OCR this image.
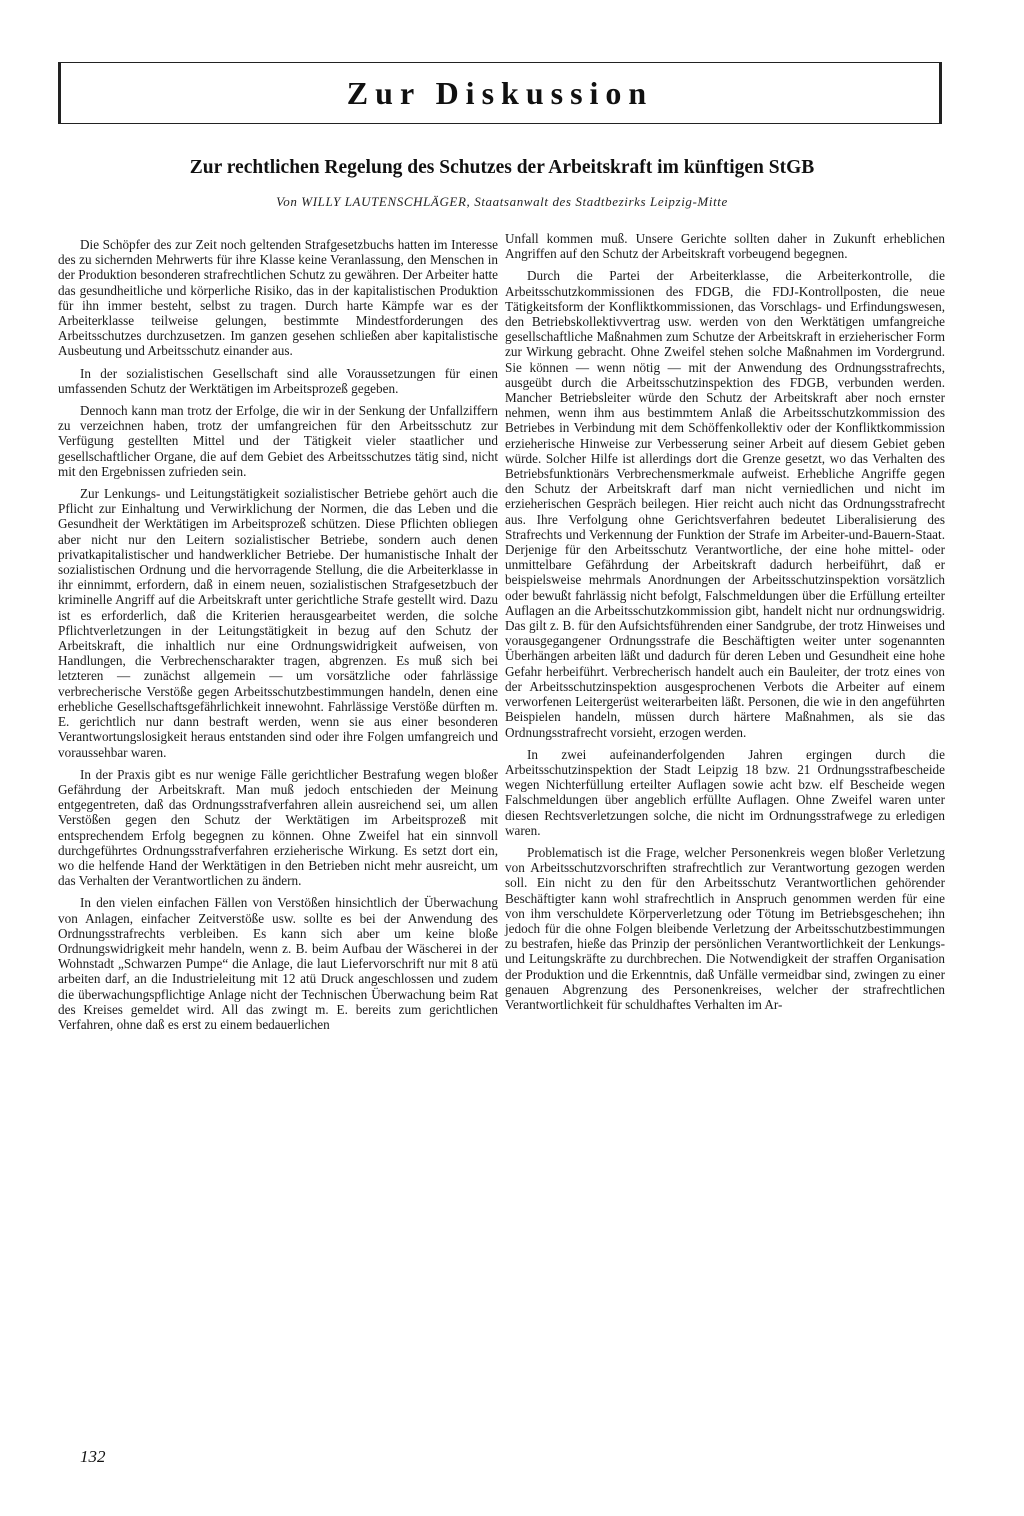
Zur Diskussion
Zur rechtlichen Regelung des Schutzes der Arbeitskraft im künftigen StGB
Von WILLY LAUTENSCHLÄGER, Staatsanwalt des Stadtbezirks Leipzig-Mitte

Die Schöpfer des zur Zeit noch geltenden Strafgesetzbuchs hatten im Interesse des zu sichernden Mehrwerts für ihre Klasse keine Veranlassung, den Menschen in der Produktion besonderen strafrechtlichen Schutz zu gewähren. Der Arbeiter hatte das gesundheitliche und körperliche Risiko, das in der kapitalistischen Produktion für ihn immer besteht, selbst zu tragen. Durch harte Kämpfe war es der Arbeiterklasse teilweise gelungen, bestimmte Mindestforderungen des Arbeitsschutzes durchzusetzen. Im ganzen gesehen schließen aber kapitalistische Ausbeutung und Arbeitsschutz einander aus.

In der sozialistischen Gesellschaft sind alle Voraussetzungen für einen umfassenden Schutz der Werktätigen im Arbeitsprozeß gegeben.

Dennoch kann man trotz der Erfolge, die wir in der Senkung der Unfallziffern zu verzeichnen haben, trotz der umfangreichen für den Arbeitsschutz zur Verfügung gestellten Mittel und der Tätigkeit vieler staatlicher und gesellschaftlicher Organe, die auf dem Gebiet des Arbeitsschutzes tätig sind, nicht mit den Ergebnissen zufrieden sein.

Zur Lenkungs- und Leitungstätigkeit sozialistischer Betriebe gehört auch die Pflicht zur Einhaltung und Verwirklichung der Normen, die das Leben und die Gesundheit der Werktätigen im Arbeitsprozeß schützen. Diese Pflichten obliegen aber nicht nur den Leitern sozialistischer Betriebe, sondern auch denen privatkapitalistischer und handwerklicher Betriebe. Der humanistische Inhalt der sozialistischen Ordnung und die hervorragende Stellung, die die Arbeiterklasse in ihr einnimmt, erfordern, daß in einem neuen, sozialistischen Strafgesetzbuch der kriminelle Angriff auf die Arbeitskraft unter gerichtliche Strafe gestellt wird. Dazu ist es erforderlich, daß die Kriterien herausgearbeitet werden, die solche Pflichtverletzungen in der Leitungstätigkeit in bezug auf den Schutz der Arbeitskraft, die inhaltlich nur eine Ordnungswidrigkeit aufweisen, von Handlungen, die Verbrechenscharakter tragen, abgrenzen. Es muß sich bei letzteren — zunächst allgemein — um vorsätzliche oder fahrlässige verbrecherische Verstöße gegen Arbeitsschutzbestimmungen handeln, denen eine erhebliche Gesellschaftsgefährlichkeit innewohnt. Fahrlässige Verstöße dürften m. E. gerichtlich nur dann bestraft werden, wenn sie aus einer besonderen Verantwortungslosigkeit heraus entstanden sind oder ihre Folgen umfangreich und voraussehbar waren.

In der Praxis gibt es nur wenige Fälle gerichtlicher Bestrafung wegen bloßer Gefährdung der Arbeitskraft. Man muß jedoch entschieden der Meinung entgegentreten, daß das Ordnungsstrafverfahren allein ausreichend sei, um allen Verstößen gegen den Schutz der Werktätigen im Arbeitsprozeß mit entsprechendem Erfolg begegnen zu können. Ohne Zweifel hat ein sinnvoll durchgeführtes Ordnungsstrafverfahren erzieherische Wirkung. Es setzt dort ein, wo die helfende Hand der Werktätigen in den Betrieben nicht mehr ausreicht, um das Verhalten der Verantwortlichen zu ändern.

In den vielen einfachen Fällen von Verstößen hinsichtlich der Überwachung von Anlagen, einfacher Zeitverstöße usw. sollte es bei der Anwendung des Ordnungsstrafrechts verbleiben. Es kann sich aber um keine bloße Ordnungswidrigkeit mehr handeln, wenn z. B. beim Aufbau der Wäscherei in der Wohnstadt „Schwarzen Pumpe“ die Anlage, die laut Liefervorschrift nur mit 8 atü arbeiten darf, an die Industrieleitung mit 12 atü Druck angeschlossen und zudem die überwachungspflichtige Anlage nicht der Technischen Überwachung beim Rat des Kreises gemeldet wird. All das zwingt m. E. bereits zum gerichtlichen Verfahren, ohne daß es erst zu einem bedauerlichen

Unfall kommen muß. Unsere Gerichte sollten daher in Zukunft erheblichen Angriffen auf den Schutz der Arbeitskraft vorbeugend begegnen.

Durch die Partei der Arbeiterklasse, die Arbeiterkontrolle, die Arbeitsschutzkommissionen des FDGB, die FDJ-Kontrollposten, die neue Tätigkeitsform der Konfliktkommissionen, das Vorschlags- und Erfindungswesen, den Betriebskollektivvertrag usw. werden von den Werktätigen umfangreiche gesellschaftliche Maßnahmen zum Schutze der Arbeitskraft in erzieherischer Form zur Wirkung gebracht. Ohne Zweifel stehen solche Maßnahmen im Vordergrund. Sie können — wenn nötig — mit der Anwendung des Ordnungsstrafrechts, ausgeübt durch die Arbeitsschutzinspektion des FDGB, verbunden werden. Mancher Betriebsleiter würde den Schutz der Arbeitskraft aber noch ernster nehmen, wenn ihm aus bestimmtem Anlaß die Arbeitsschutzkommission des Betriebes in Verbindung mit dem Schöffenkollektiv oder der Konfliktkommission erzieherische Hinweise zur Verbesserung seiner Arbeit auf diesem Gebiet geben würde. Solcher Hilfe ist allerdings dort die Grenze gesetzt, wo das Verhalten des Betriebsfunktionärs Verbrechensmerkmale aufweist. Erhebliche Angriffe gegen den Schutz der Arbeitskraft darf man nicht verniedlichen und nicht im erzieherischen Gespräch beilegen. Hier reicht auch nicht das Ordnungsstrafrecht aus. Ihre Verfolgung ohne Gerichtsverfahren bedeutet Liberalisierung des Strafrechts und Verkennung der Funktion der Strafe im Arbeiter-und-Bauern-Staat. Derjenige für den Arbeitsschutz Verantwortliche, der eine hohe mittel- oder unmittelbare Gefährdung der Arbeitskraft dadurch herbeiführt, daß er beispielsweise mehrmals Anordnungen der Arbeitsschutzinspektion vorsätzlich oder bewußt fahrlässig nicht befolgt, Falschmeldungen über die Erfüllung erteilter Auflagen an die Arbeitsschutzkommission gibt, handelt nicht nur ordnungswidrig. Das gilt z. B. für den Aufsichtsführenden einer Sandgrube, der trotz Hinweises und vorausgegangener Ordnungsstrafe die Beschäftigten weiter unter sogenannten Überhängen arbeiten läßt und dadurch für deren Leben und Gesundheit eine hohe Gefahr herbeiführt. Verbrecherisch handelt auch ein Bauleiter, der trotz eines von der Arbeitsschutzinspektion ausgesprochenen Verbots die Arbeiter auf einem verworfenen Leitergerüst weiterarbeiten läßt. Personen, die wie in den angeführten Beispielen handeln, müssen durch härtere Maßnahmen, als sie das Ordnungsstrafrecht vorsieht, erzogen werden.

In zwei aufeinanderfolgenden Jahren ergingen durch die Arbeitsschutzinspektion der Stadt Leipzig 18 bzw. 21 Ordnungsstrafbescheide wegen Nichterfüllung erteilter Auflagen sowie acht bzw. elf Bescheide wegen Falschmeldungen über angeblich erfüllte Auflagen. Ohne Zweifel waren unter diesen Rechtsverletzungen solche, die nicht im Ordnungsstrafwege zu erledigen waren.

Problematisch ist die Frage, welcher Personenkreis wegen bloßer Verletzung von Arbeitsschutzvorschriften strafrechtlich zur Verantwortung gezogen werden soll. Ein nicht zu den für den Arbeitsschutz Verantwortlichen gehörender Beschäftigter kann wohl strafrechtlich in Anspruch genommen werden für eine von ihm verschuldete Körperverletzung oder Tötung im Betriebsgeschehen; ihn jedoch für die ohne Folgen bleibende Verletzung der Arbeitsschutzbestimmungen zu bestrafen, hieße das Prinzip der persönlichen Verantwortlichkeit der Lenkungs- und Leitungskräfte zu durchbrechen. Die Notwendigkeit der straffen Organisation der Produktion und die Erkenntnis, daß Unfälle vermeidbar sind, zwingen zu einer genauen Abgrenzung des Personenkreises, welcher der strafrechtlichen Verantwortlichkeit für schuldhaftes Verhalten im Ar-

132
